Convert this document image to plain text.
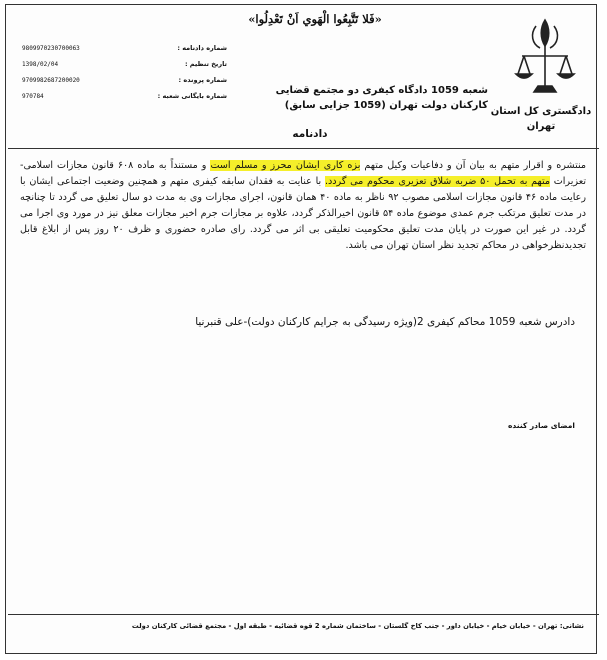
9809970230700063	شماره دادنامه :
1398/02/04	تاریخ تنظیم :
9709982687200020	شماره پرونده :
970784	شماره بایگانی شعبه :
«فَلا تَتَّبِعُوا الْهَوي اَنْ تَعْدِلُوا»
شعبه 1059 دادگاه کیفری دو مجتمع قضایی
کارکنان دولت تهران (1059 جزایی سابق)
دادنامه
دادگستری کل استان
تهران
منتشره و اقرار متهم به بیان آن و دفاعیات وکیل متهم بزه کاری ایشان محرز و مسلم است و مستنداً به ماده ۶۰۸ قانون مجازات اسلامی-تعزیرات متهم به تحمل ۵۰ ضربه شلاق تعزیری محکوم می گردد. با عنایت به فقدان سابقه کیفری متهم و همچنین وضعیت اجتماعی ایشان با رعایت ماده ۴۶ قانون مجازات اسلامی مصوب ۹۲ ناظر به ماده ۴۰ همان قانون، اجرای مجازات وی به مدت دو سال تعلیق می گردد تا چنانچه در مدت تعلیق مرتکب جرم عمدی موضوع ماده ۵۴ قانون اخیرالذکر گردد، علاوه بر مجازات جرم اخیر مجازات معلق نیز در مورد وی اجرا می گردد. در غیر این صورت در پایان مدت تعلیق محکومیت تعلیقی بی اثر می گردد. رای صادره حضوری و ظرف ۲۰ روز پس از ابلاغ قابل تجدیدنظرخواهی در محاکم تجدید نظر استان تهران می باشد.
دادرس شعبه 1059 محاکم کیفری 2(ویژه رسیدگی به جرایم کارکنان دولت)-علی قنبرنیا
امضای صادر کننده
نشانی: تهران - خیابان خیام - خیابان داور - جنب کاخ گلستان - ساختمان شماره 2 قوه قضائیه - طبقه اول - مجتمع قضائی کارکنان دولت
